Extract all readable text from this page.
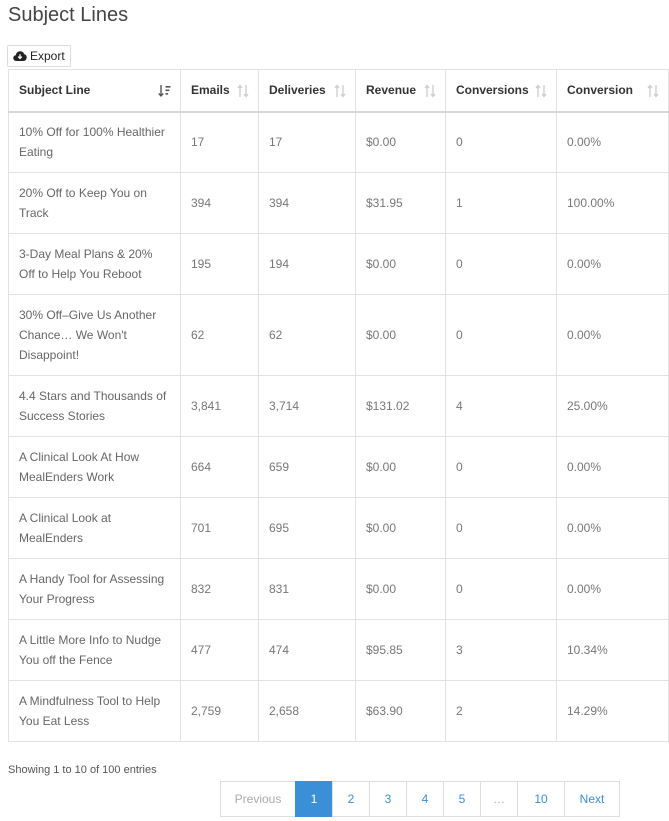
Subject Lines
Export
Subject Line	Emails	Deliveries	Revenue	Conversions	Conversion

10% Off for 100% Healthier Eating	17	17	$0.00	0	0.00%
20% Off to Keep You on Track	394	394	$31.95	1	100.00%
3-Day Meal Plans & 20% Off to Help You Reboot	195	194	$0.00	0	0.00%
30% Off–Give Us Another Chance… We Won't Disappoint!	62	62	$0.00	0	0.00%
4.4 Stars and Thousands of Success Stories	3,841	3,714	$131.02	4	25.00%
A Clinical Look At How MealEnders Work	664	659	$0.00	0	0.00%
A Clinical Look at MealEnders	701	695	$0.00	0	0.00%
A Handy Tool for Assessing Your Progress	832	831	$0.00	0	0.00%
A Little More Info to Nudge You off the Fence	477	474	$95.85	3	10.34%
A Mindfulness Tool to Help You Eat Less	2,759	2,658	$63.90	2	14.29%
Showing 1 to 10 of 100 entries
Previous	1	2	3	4	5	…	10	Next
